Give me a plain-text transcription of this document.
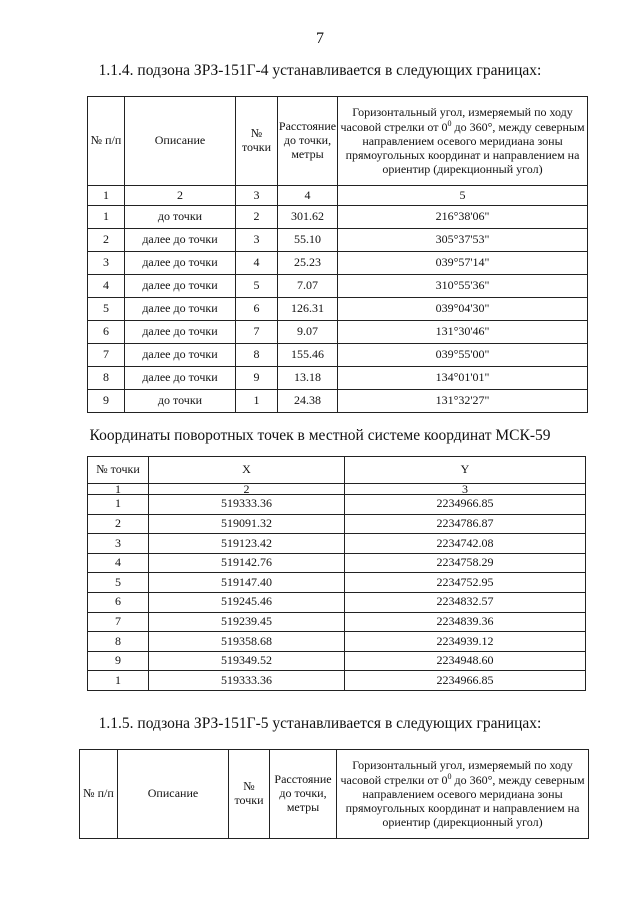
7
1.1.4. подзона ЗРЗ-151Г-4 устанавливается в следующих границах:
№ п/п	Описание	№ точки	Расстояние до точки, метры	Горизонтальный угол, измеряемый по ходу часовой стрелки от $0^0$ до 360°, между северным направлением осевого меридиана зоны прямоугольных координат и направлением на ориентир (дирекционный угол)
1	2	3	4	5
1	до точки	2	301.62	216°38'06"
2	далее до точки	3	55.10	305°37'53"
3	далее до точки	4	25.23	039°57'14"
4	далее до точки	5	7.07	310°55'36"
5	далее до точки	6	126.31	039°04'30"
6	далее до точки	7	9.07	131°30'46"
7	далее до точки	8	155.46	039°55'00"
8	далее до точки	9	13.18	134°01'01"
9	до точки	1	24.38	131°32'27"
Координаты поворотных точек в местной системе координат МСК-59
№ точки	X	Y
1	2	3
1	519333.36	2234966.85
2	519091.32	2234786.87
3	519123.42	2234742.08
4	519142.76	2234758.29
5	519147.40	2234752.95
6	519245.46	2234832.57
7	519239.45	2234839.36
8	519358.68	2234939.12
9	519349.52	2234948.60
1	519333.36	2234966.85
1.1.5. подзона ЗРЗ-151Г-5 устанавливается в следующих границах:
№ п/п	Описание	№ точки	Расстояние до точки, метры	Горизонтальный угол, измеряемый по ходу часовой стрелки от $0^0$ до 360°, между северным направлением осевого меридиана зоны прямоугольных координат и направлением на ориентир (дирекционный угол)
